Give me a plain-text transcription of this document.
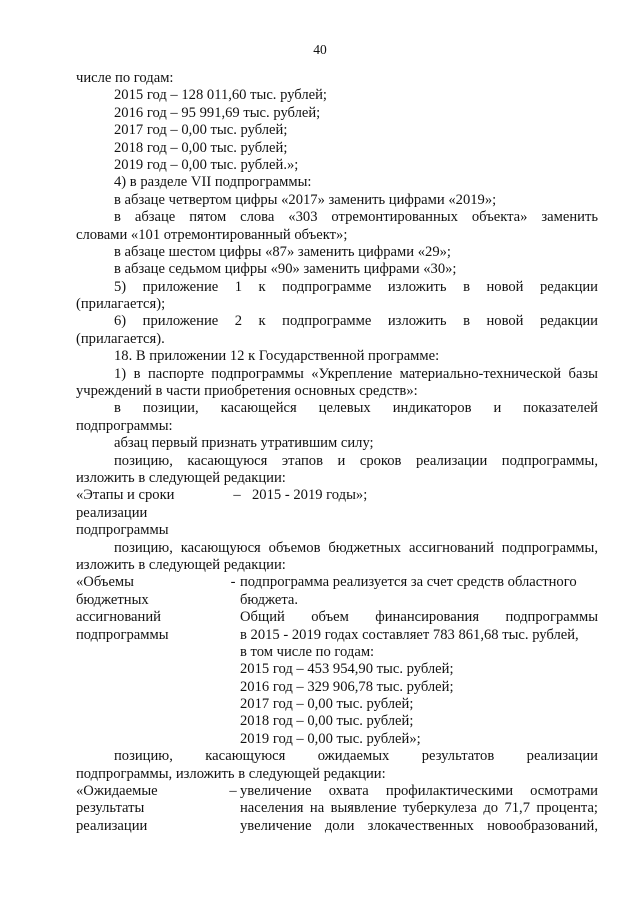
40
числе по годам:
2015 год – 128 011,60 тыс. рублей;
2016 год – 95 991,69 тыс. рублей;
2017 год – 0,00 тыс. рублей;
2018 год – 0,00 тыс. рублей;
2019 год – 0,00 тыс. рублей.»;
4) в разделе VII подпрограммы:
в абзаце четвертом цифры «2017» заменить цифрами «2019»;
в абзаце пятом слова «303 отремонтированных объекта» заменить
словами «101 отремонтированный объект»;
в абзаце шестом цифры «87» заменить цифрами «29»;
в абзаце седьмом цифры «90» заменить цифрами «30»;
5) приложение 1 к подпрограмме изложить в новой редакции
(прилагается);
6) приложение 2 к подпрограмме изложить в новой редакции
(прилагается).
18. В приложении 12 к Государственной программе:
1) в паспорте подпрограммы «Укрепление материально-технической базы
учреждений в части приобретения основных средств»:
в позиции, касающейся целевых индикаторов и показателей
подпрограммы:
абзац первый признать утратившим силу;
позицию, касающуюся этапов и сроков реализации подпрограммы,
изложить в следующей редакции:
«Этапы и сроки
реализации
подпрограммы
– 2015 - 2019 годы»;
позицию, касающуюся объемов бюджетных ассигнований подпрограммы,
изложить в следующей редакции:
«Объемы
бюджетных
ассигнований
подпрограммы
- подпрограмма реализуется за счет средств областного
бюджета.
Общий объем финансирования подпрограммы
в 2015 - 2019 годах составляет 783 861,68 тыс. рублей,
в том числе по годам:
2015 год – 453 954,90 тыс. рублей;
2016 год – 329 906,78 тыс. рублей;
2017 год – 0,00 тыс. рублей;
2018 год – 0,00 тыс. рублей;
2019 год – 0,00 тыс. рублей»;
позицию, касающуюся ожидаемых результатов реализации
подпрограммы, изложить в следующей редакции:
«Ожидаемые
результаты
реализации
– увеличение охвата профилактическими осмотрами
населения на выявление туберкулеза до 71,7 процента;
увеличение доли злокачественных новообразований,
